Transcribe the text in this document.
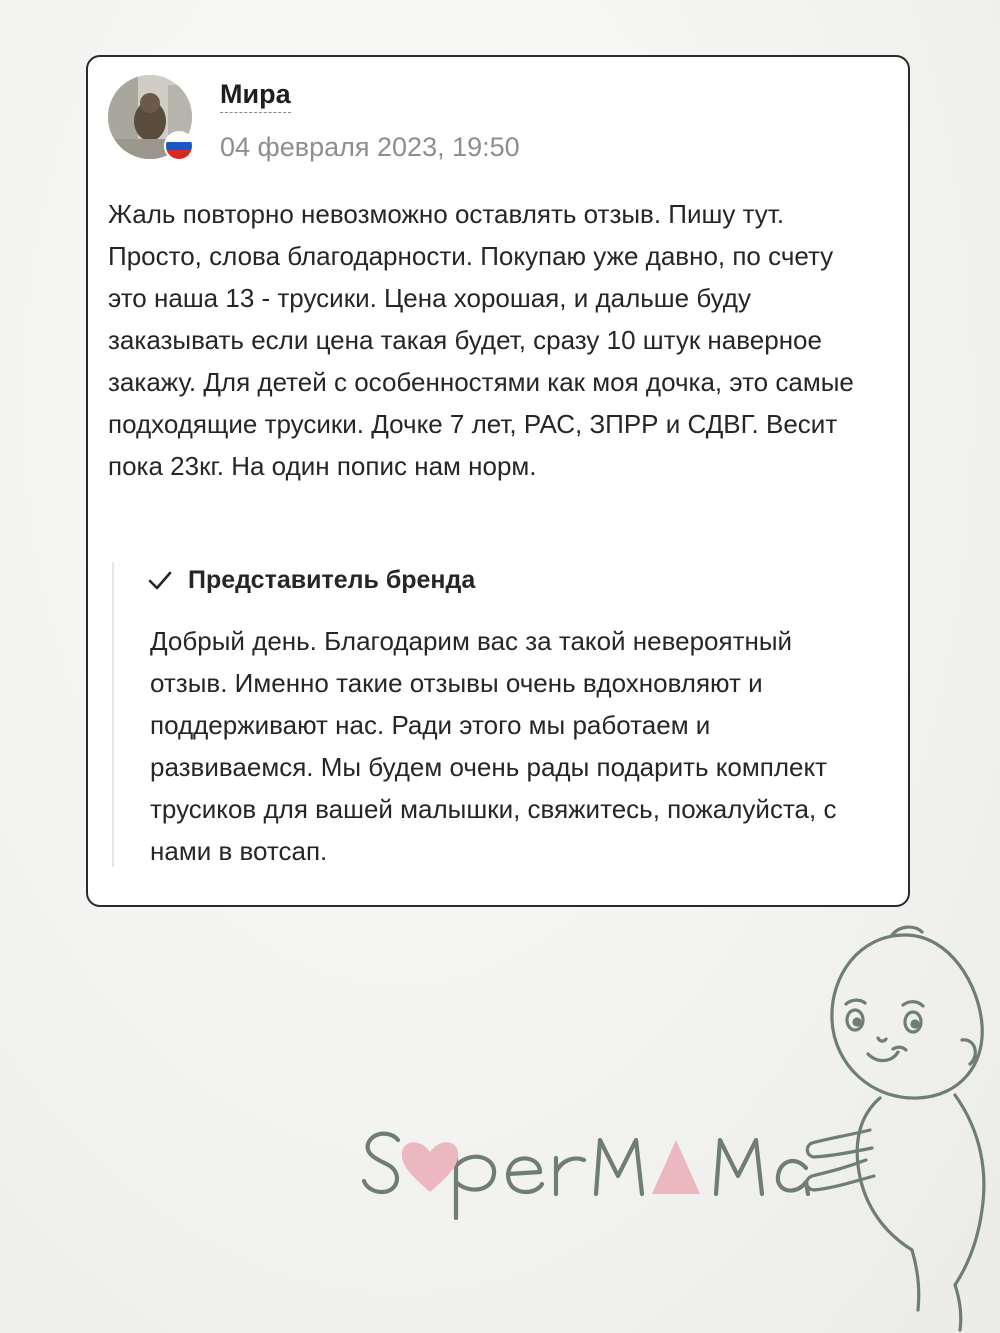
Мира
04 февраля 2023, 19:50

Жаль повторно невозможно оставлять отзыв. Пишу тут. Просто, слова благодарности. Покупаю уже давно, по счету это наша 13 - трусики. Цена хорошая, и дальше буду заказывать если цена такая будет, сразу 10 штук наверное закажу. Для детей с особенностями как моя дочка, это самые подходящие трусики. Дочке 7 лет, РАС, ЗПРР и СДВГ. Весит пока 23кг. На один попис нам норм.

Представитель бренда

Добрый день. Благодарим вас за такой невероятный отзыв. Именно такие отзывы очень вдохновляют и поддерживают нас. Ради этого мы работаем и развиваемся. Мы будем очень рады подарить комплект трусиков для вашей малышки, свяжитесь, пожалуйста, с нами в вотсап.
